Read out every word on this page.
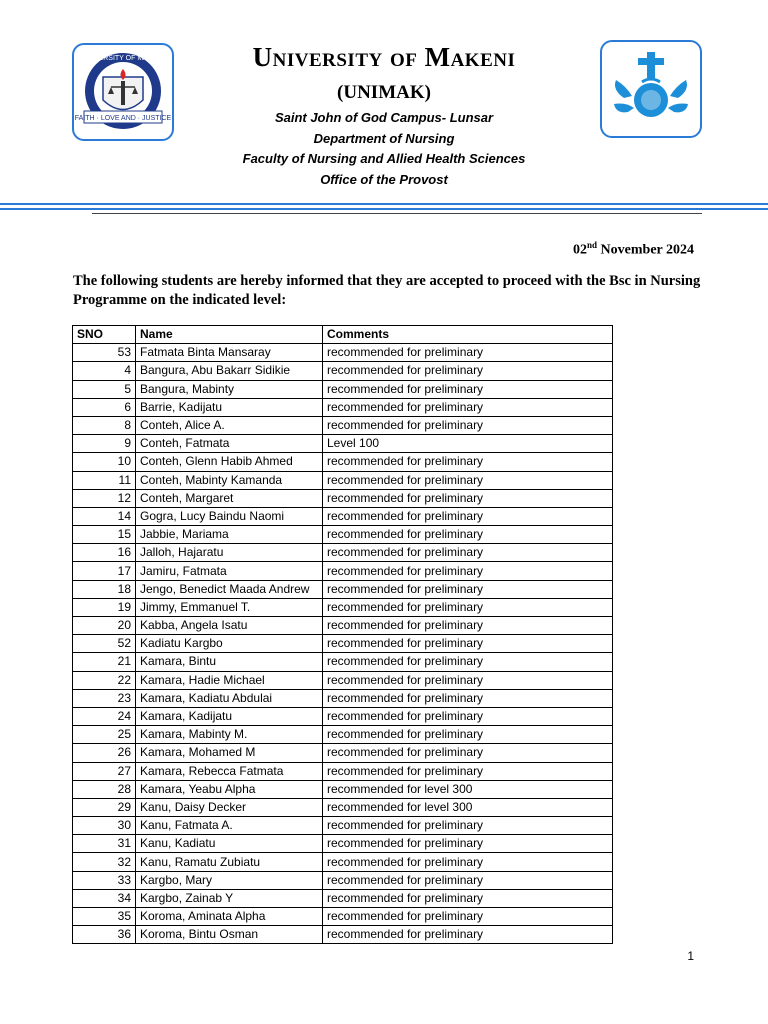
FAITH · LOVE AND · JUSTICE
UNIVERSITY OF MAKENI	University of Makeni
(UNIMAK)
Saint John of God Campus- Lunsar
Department of Nursing
Faculty of Nursing and Allied Health Sciences
Office of the Provost
02nd November 2024
The following students are hereby informed that they are accepted to proceed with the Bsc in Nursing Programme on the indicated level:
SNO	Name	Comments
53	Fatmata Binta Mansaray	recommended for preliminary
4	Bangura, Abu Bakarr Sidikie	recommended for preliminary
5	Bangura, Mabinty	recommended for preliminary
6	Barrie, Kadijatu	recommended for preliminary
8	Conteh, Alice A.	recommended for preliminary
9	Conteh, Fatmata	Level 100
10	Conteh, Glenn Habib Ahmed	recommended for preliminary
11	Conteh, Mabinty Kamanda	recommended for preliminary
12	Conteh, Margaret	recommended for preliminary
14	Gogra, Lucy Baindu Naomi	recommended for preliminary
15	Jabbie, Mariama	recommended for preliminary
16	Jalloh, Hajaratu	recommended for preliminary
17	Jamiru, Fatmata	recommended for preliminary
18	Jengo, Benedict Maada Andrew	recommended for preliminary
19	Jimmy, Emmanuel T.	recommended for preliminary
20	Kabba, Angela Isatu	recommended for preliminary
52	Kadiatu Kargbo	recommended for preliminary
21	Kamara, Bintu	recommended for preliminary
22	Kamara, Hadie Michael	recommended for preliminary
23	Kamara, Kadiatu Abdulai	recommended for preliminary
24	Kamara, Kadijatu	recommended for preliminary
25	Kamara, Mabinty M.	recommended for preliminary
26	Kamara, Mohamed M	recommended for preliminary
27	Kamara, Rebecca Fatmata	recommended for preliminary
28	Kamara, Yeabu Alpha	recommended for level 300
29	Kanu, Daisy Decker	recommended for level 300
30	Kanu, Fatmata A.	recommended for preliminary
31	Kanu, Kadiatu	recommended for preliminary
32	Kanu, Ramatu Zubiatu	recommended for preliminary
33	Kargbo, Mary	recommended for preliminary
34	Kargbo, Zainab Y	recommended for preliminary
35	Koroma, Aminata Alpha	recommended for preliminary
36	Koroma, Bintu Osman	recommended for preliminary
1
